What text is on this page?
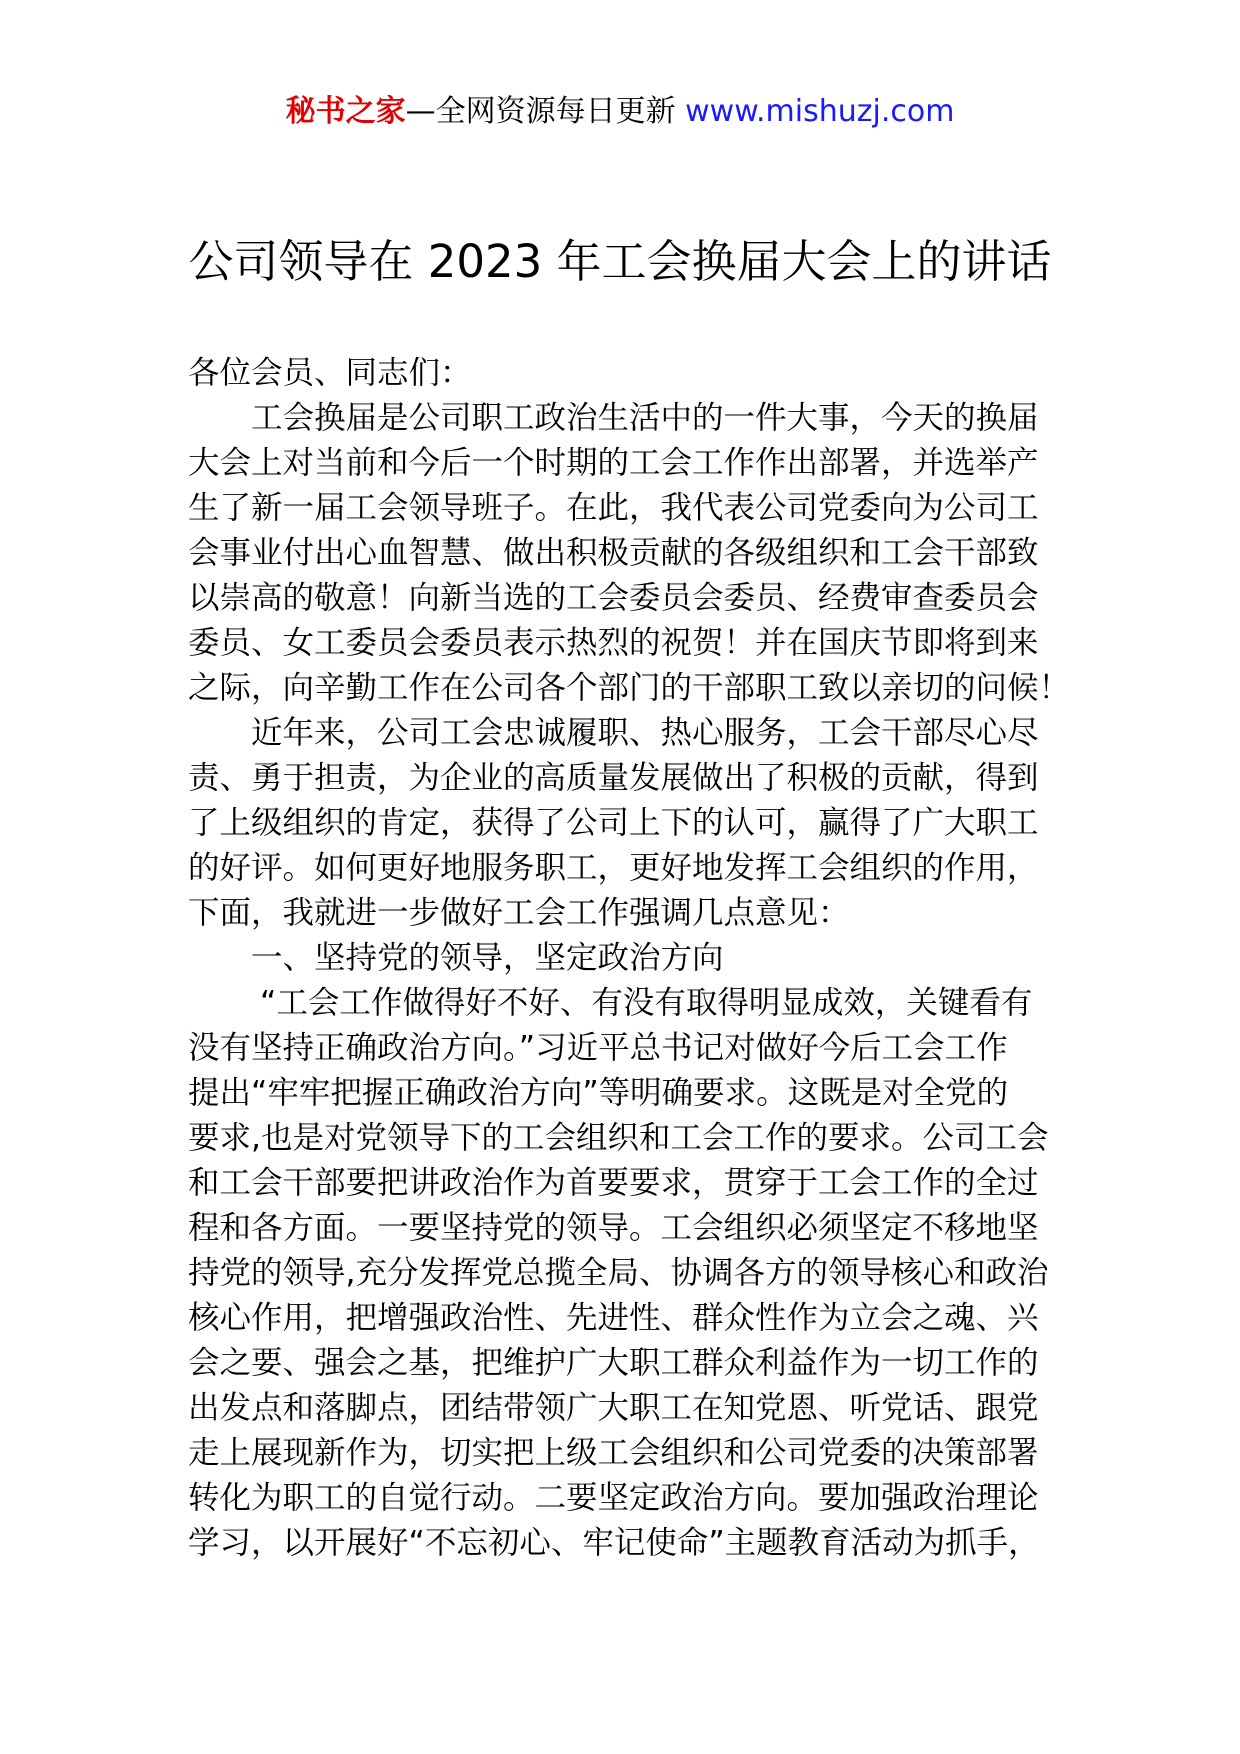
秘书之家—全网资源每日更新 www.mishuzj.com
公司领导在 2023 年工会换届大会上的讲话
各位会员、同志们：
工会换届是公司职工政治生活中的一件大事，今天的换届
大会上对当前和今后一个时期的工会工作作出部署，并选举产
生了新一届工会领导班子。在此，我代表公司党委向为公司工
会事业付出心血智慧、做出积极贡献的各级组织和工会干部致
以崇高的敬意！向新当选的工会委员会委员、经费审查委员会
委员、女工委员会委员表示热烈的祝贺！并在国庆节即将到来
之际，向辛勤工作在公司各个部门的干部职工致以亲切的问候！
近年来，公司工会忠诚履职、热心服务，工会干部尽心尽
责、勇于担责，为企业的高质量发展做出了积极的贡献，得到
了上级组织的肯定，获得了公司上下的认可，赢得了广大职工
的好评。如何更好地服务职工，更好地发挥工会组织的作用，
下面，我就进一步做好工会工作强调几点意见：
一、坚持党的领导，坚定政治方向
“工会工作做得好不好、有没有取得明显成效，关键看有
没有坚持正确政治方向。”习近平总书记对做好今后工会工作
提出“牢牢把握正确政治方向”等明确要求。这既是对全党的
要求,也是对党领导下的工会组织和工会工作的要求。公司工会
和工会干部要把讲政治作为首要要求，贯穿于工会工作的全过
程和各方面。一要坚持党的领导。工会组织必须坚定不移地坚
持党的领导,充分发挥党总揽全局、协调各方的领导核心和政治
核心作用，把增强政治性、先进性、群众性作为立会之魂、兴
会之要、强会之基，把维护广大职工群众利益作为一切工作的
出发点和落脚点，团结带领广大职工在知党恩、听党话、跟党
走上展现新作为，切实把上级工会组织和公司党委的决策部署
转化为职工的自觉行动。二要坚定政治方向。要加强政治理论
学习，以开展好“不忘初心、牢记使命”主题教育活动为抓手，
